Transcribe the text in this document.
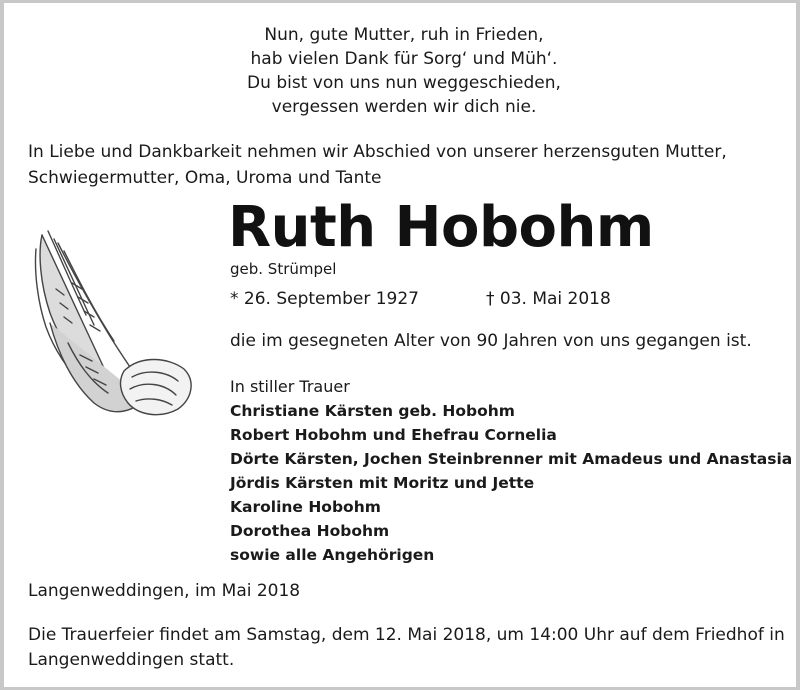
Nun, gute Mutter, ruh in Frieden,
hab vielen Dank für Sorg‘ und Müh‘.
Du bist von uns nun weggeschieden,
vergessen werden wir dich nie.
In Liebe und Dankbarkeit nehmen wir Abschied von unserer herzensguten Mutter,
Schwiegermutter, Oma, Uroma und Tante
Ruth Hobohm
geb. Strümpel
* 26. September 1927	† 03. Mai 2018
die im gesegneten Alter von 90 Jahren von uns gegangen ist.
In stiller Trauer
Christiane Kärsten geb. Hobohm
Robert Hobohm und Ehefrau Cornelia
Dörte Kärsten, Jochen Steinbrenner mit Amadeus und Anastasia
Jördis Kärsten mit Moritz und Jette
Karoline Hobohm
Dorothea Hobohm
sowie alle Angehörigen
Langenweddingen, im Mai 2018
Die Trauerfeier findet am Samstag, dem 12. Mai 2018, um 14:00 Uhr auf dem Friedhof in
Langenweddingen statt.
